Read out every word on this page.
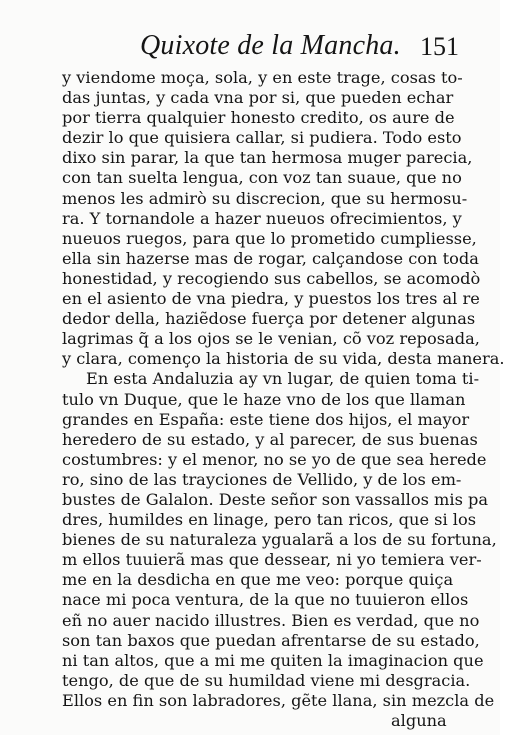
Quixote de la Mancha. 151
y viendome moça, sola, y en este trage, cosas to-
das juntas, y cada vna por si, que pueden echar
por tierra qualquier honesto credito, os aure de
dezir lo que quisiera callar, si pudiera. Todo esto
dixo sin parar, la que tan hermosa muger parecia,
con tan suelta lengua, con voz tan suaue, que no
menos les admirò su discrecion, que su hermosu-
ra. Y tornandole a hazer nueuos ofrecimientos, y
nueuos ruegos, para que lo prometido cumpliesse,
ella sin hazerse mas de rogar, calçandose con toda
honestidad, y recogiendo sus cabellos, se acomodò
en el asiento de vna piedra, y puestos los tres al re
dedor della, haziẽdose fuerça por detener algunas
lagrimas q̃ a los ojos se le venian, cõ voz reposada,
y clara, començo la historia de su vida, desta manera.
En esta Andaluzia ay vn lugar, de quien toma ti-
tulo vn Duque, que le haze vno de los que llaman
grandes en España: este tiene dos hijos, el mayor
heredero de su estado, y al parecer, de sus buenas
costumbres: y el menor, no se yo de que sea herede
ro, sino de las trayciones de Vellido, y de los em-
bustes de Galalon. Deste señor son vassallos mis pa
dres, humildes en linage, pero tan ricos, que si los
bienes de su naturaleza ygualarã a los de su fortuna,
m ellos tuuierã mas que dessear, ni yo temiera ver-
me en la desdicha en que me veo: porque quiça
nace mi poca ventura, de la que no tuuieron ellos
eñ no auer nacido illustres. Bien es verdad, que no
son tan baxos que puedan afrentarse de su estado,
ni tan altos, que a mi me quiten la imaginacion que
tengo, de que de su humildad viene mi desgracia.
Ellos en fin son labradores, gẽte llana, sin mezcla de
alguna
